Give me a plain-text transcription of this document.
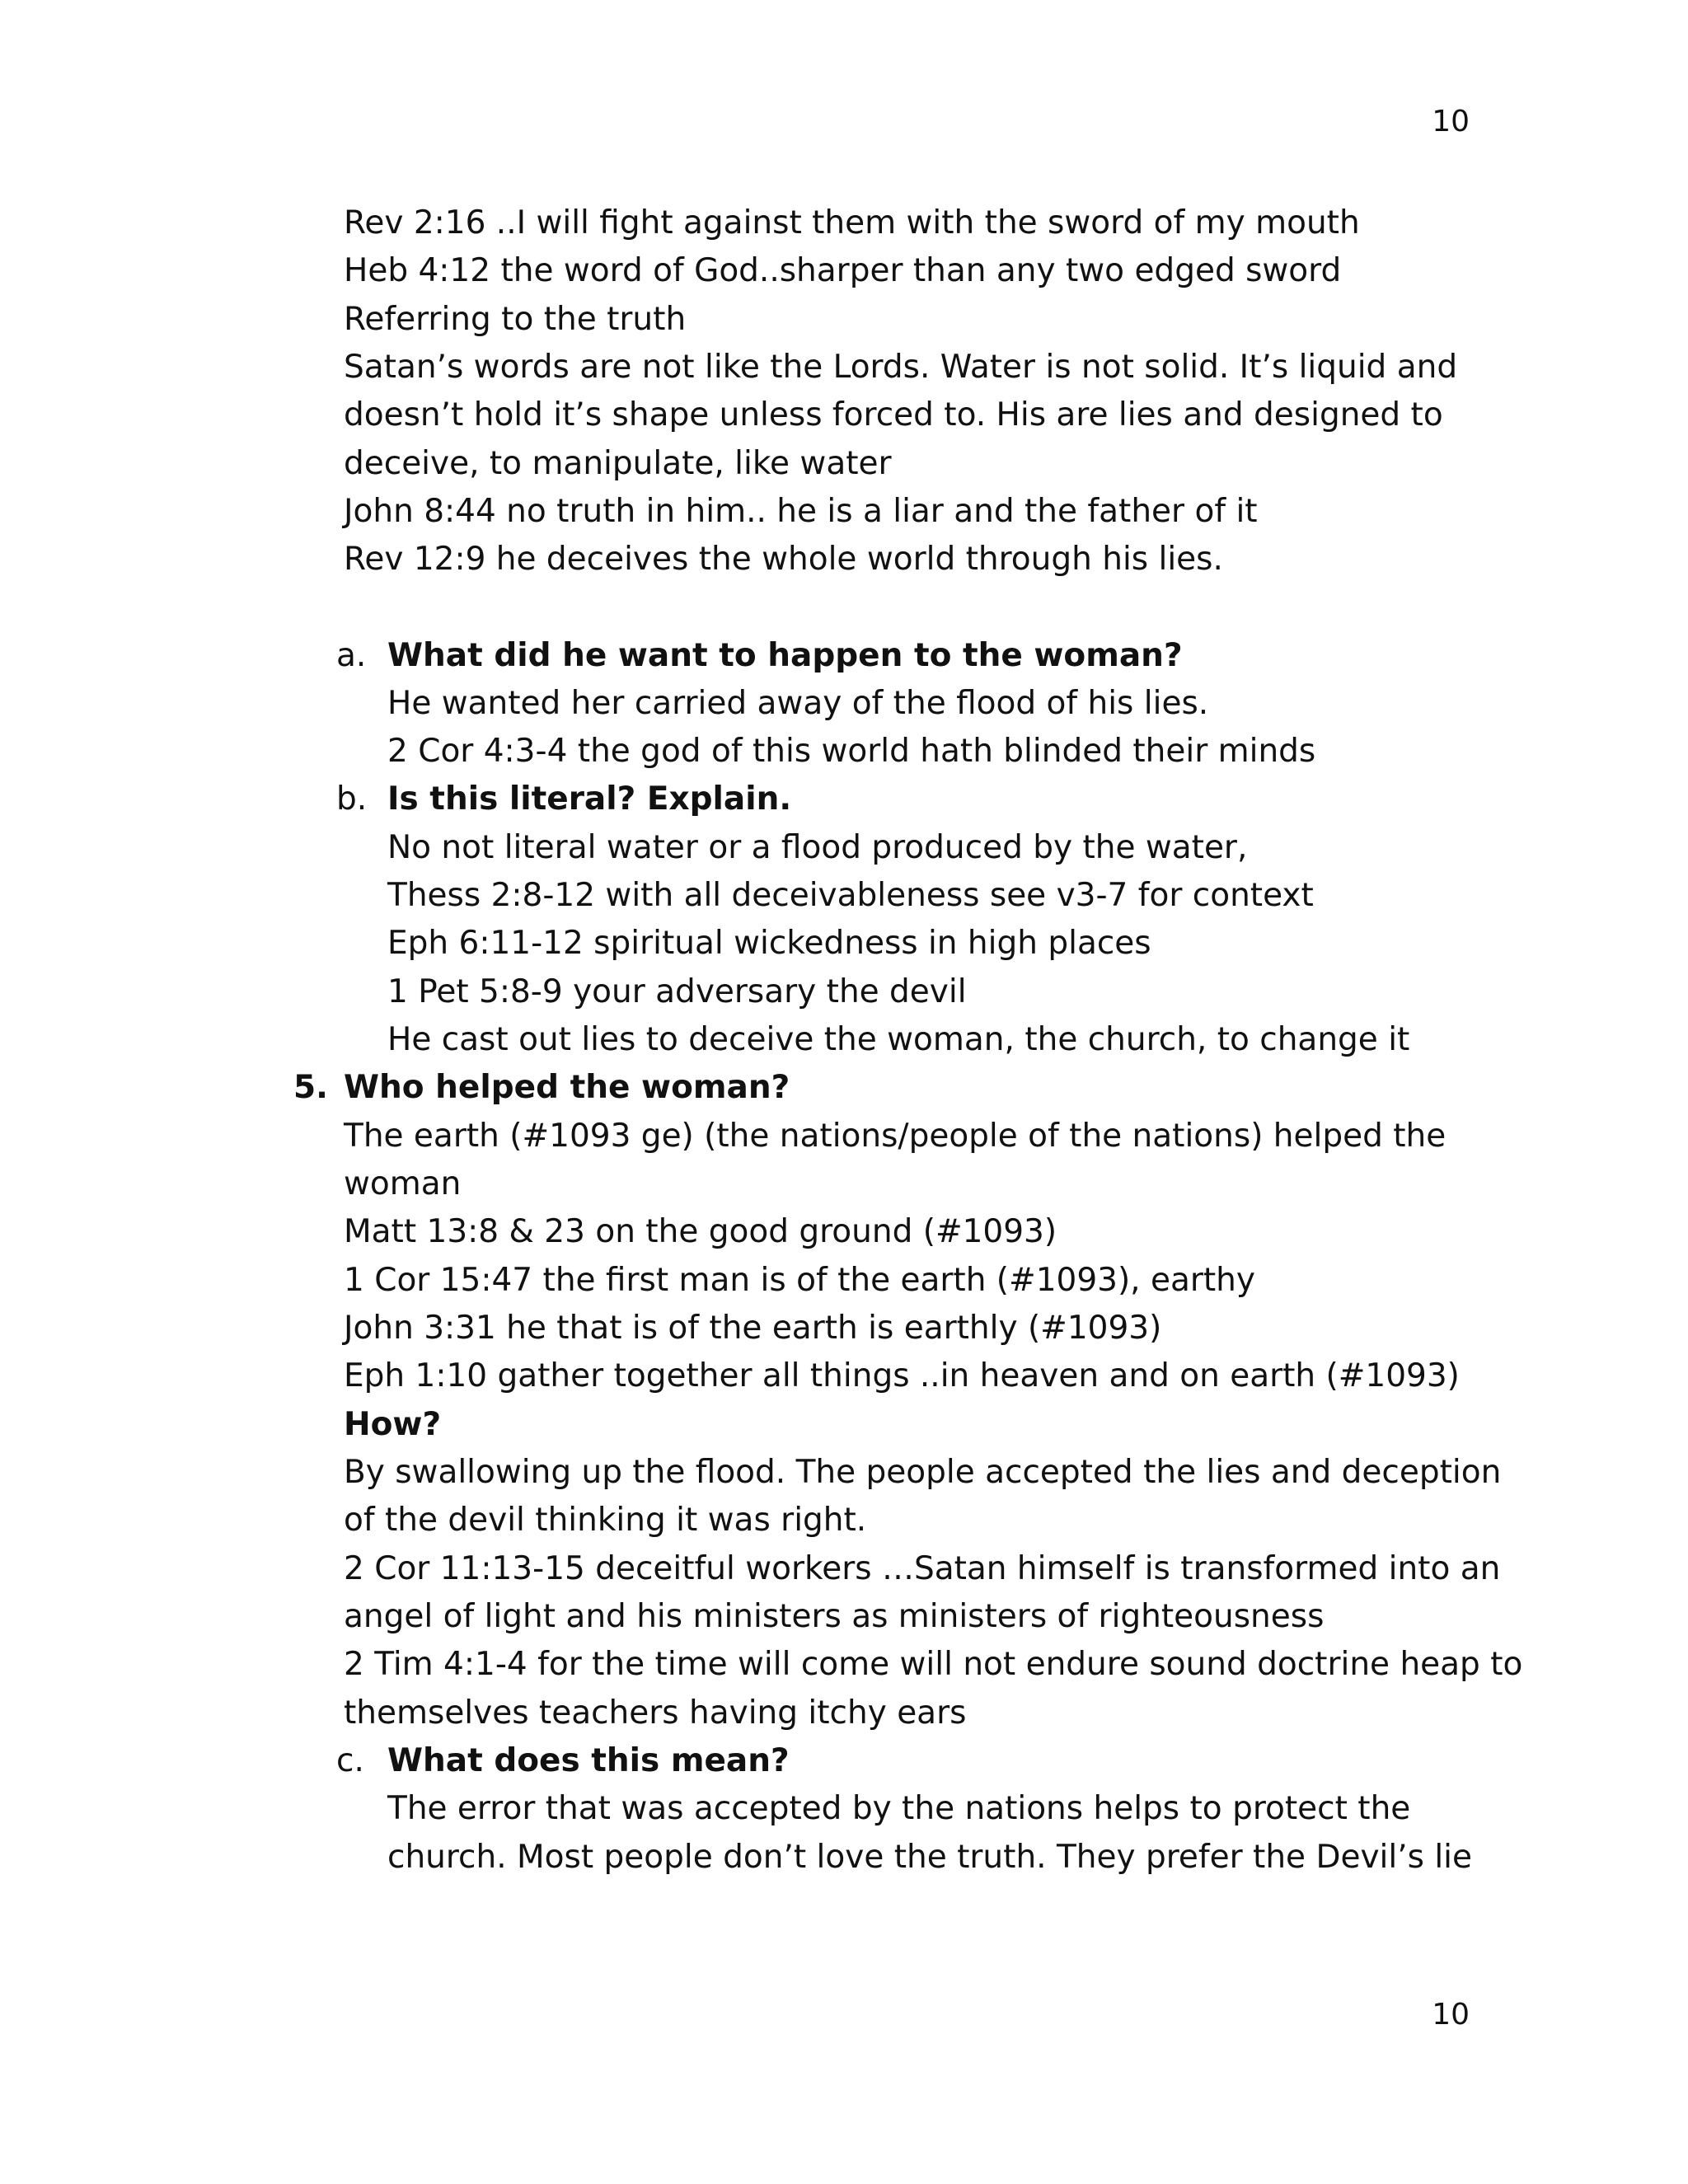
10
Rev 2:16 ..I will fight against them with the sword of my mouth
Heb 4:12 the word of God..sharper than any two edged sword
Referring to the truth
Satan’s words are not like the Lords. Water is not solid. It’s liquid and
doesn’t hold it’s shape unless forced to. His are lies and designed to
deceive, to manipulate, like water
John 8:44 no truth in him.. he is a liar and the father of it
Rev 12:9 he deceives the whole world through his lies.
a. What did he want to happen to the woman?
He wanted her carried away of the flood of his lies.
2 Cor 4:3-4 the god of this world hath blinded their minds
b. Is this literal? Explain.
No not literal water or a flood produced by the water,
Thess 2:8-12 with all deceivableness see v3-7 for context
Eph 6:11-12 spiritual wickedness in high places
1 Pet 5:8-9 your adversary the devil
He cast out lies to deceive the woman, the church, to change it
5. Who helped the woman?
The earth (#1093 ge) (the nations/people of the nations) helped the
woman
Matt 13:8 & 23 on the good ground (#1093)
1 Cor 15:47 the first man is of the earth (#1093), earthy
John 3:31 he that is of the earth is earthly (#1093)
Eph 1:10 gather together all things ..in heaven and on earth (#1093)
How?
By swallowing up the flood. The people accepted the lies and deception
of the devil thinking it was right.
2 Cor 11:13-15 deceitful workers …Satan himself is transformed into an
angel of light and his ministers as ministers of righteousness
2 Tim 4:1-4 for the time will come will not endure sound doctrine heap to
themselves teachers having itchy ears
c. What does this mean?
The error that was accepted by the nations helps to protect the
church. Most people don’t love the truth. They prefer the Devil’s lie
10
